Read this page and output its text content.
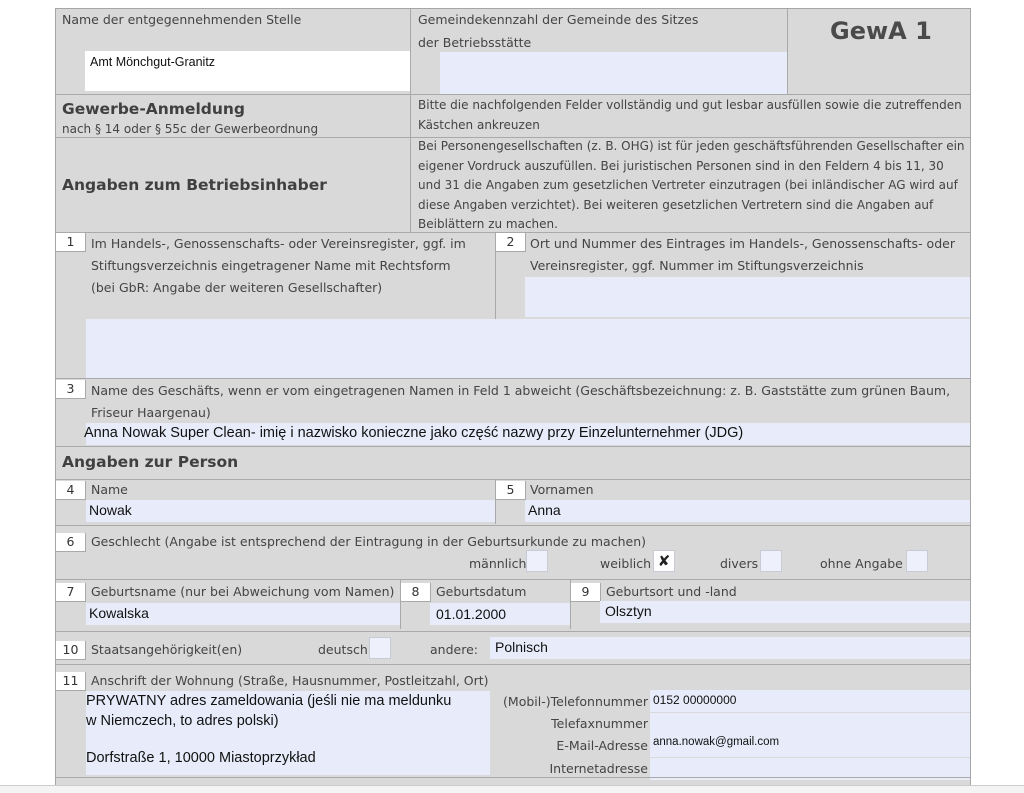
Name der entgegennehmenden Stelle
Amt Mönchgut-Granitz
Gemeindekennzahl der Gemeinde des Sitzes
der Betriebsstätte	GewA 1
Gewerbe-Anmeldung
nach § 14 oder § 55c der Gewerbeordnung
Bitte die nachfolgenden Felder vollständig und gut lesbar ausfüllen sowie die zutreffenden Kästchen ankreuzen
Angaben zum Betriebsinhaber
Bei Personengesellschaften (z. B. OHG) ist für jeden geschäftsführenden Gesellschafter ein eigener Vordruck auszufüllen. Bei juristischen Personen sind in den Feldern 4 bis 11, 30 und 31 die Angaben zum gesetzlichen Vertreter einzutragen (bei inländischer AG wird auf diese Angaben verzichtet). Bei weiteren gesetzlichen Vertretern sind die Angaben auf Beiblättern zu machen.
1	Im Handels-, Genossenschafts- oder Vereinsregister, ggf. im
Stiftungsverzeichnis eingetragener Name mit Rechtsform
(bei GbR: Angabe der weiteren Gesellschafter)
2	Ort und Nummer des Eintrages im Handels-, Genossenschafts- oder
Vereinsregister, ggf. Nummer im Stiftungsverzeichnis
3	Name des Geschäfts, wenn er vom eingetragenen Namen in Feld 1 abweicht (Geschäftsbezeichnung: z. B. Gaststätte zum grünen Baum,
Friseur Haargenau)
Anna Nowak Super Clean- imię i nazwisko konieczne jako część nazwy przy Einzelunternehmer (JDG)
Angaben zur Person
4	Name
Nowak
5	Vornamen
Anna
6	Geschlecht (Angabe ist entsprechend der Eintragung in der Geburtsurkunde zu machen)
männlich	weiblich ✘	divers	ohne Angabe
7	Geburtsname (nur bei Abweichung vom Namen)
Kowalska
8	Geburtsdatum
01.01.2000
9	Geburtsort und -land
Olsztyn
10	Staatsangehörigkeit(en)	deutsch	andere: Polnisch
11	Anschrift der Wohnung (Straße, Hausnummer, Postleitzahl, Ort)
PRYWATNY adres zameldowania (jeśli nie ma meldunku
w Niemczech, to adres polski)
Dorfstraße 1, 10000 Miastoprzykład
(Mobil-)Telefonnummer 0152 00000000
Telefaxnummer
E-Mail-Adresse anna.nowak@gmail.com
Internetadresse
